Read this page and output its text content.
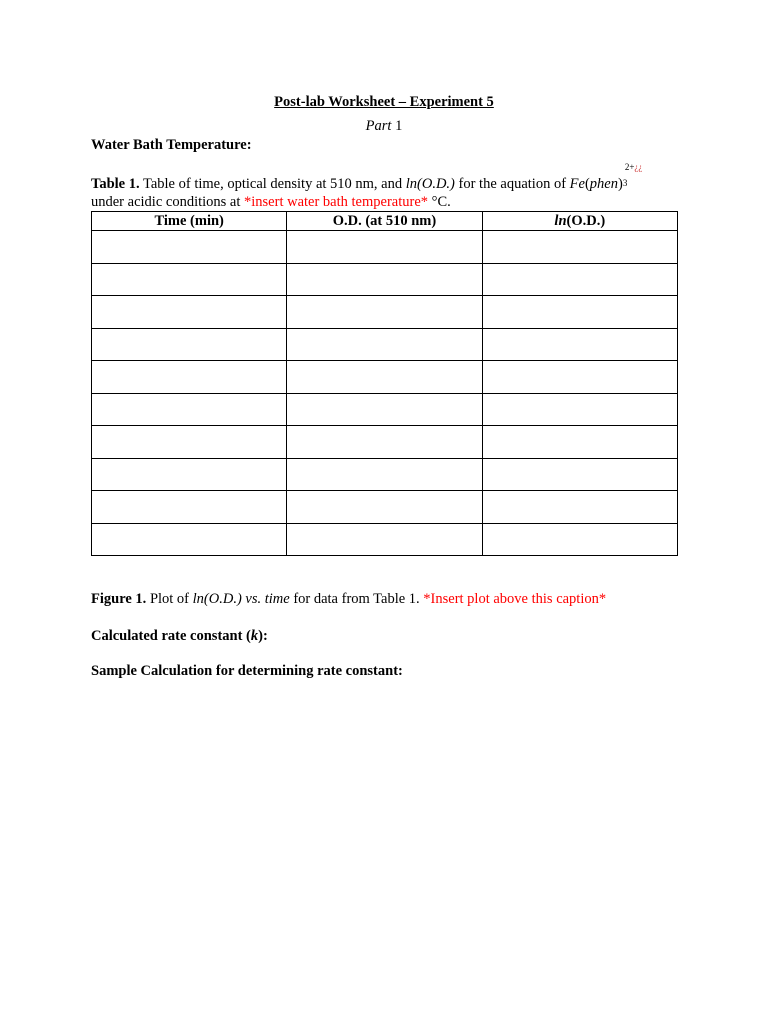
Post-lab Worksheet – Experiment 5
Part 1
Water Bath Temperature:
Table 1. Table of time, optical density at 510 nm, and ln(O.D.) for the aquation of Fe(phen)
2+¿¿
3
under acidic conditions at *insert water bath temperature* °C.
Time (min)	O.D. (at 510 nm)	ln(O.D.)

Figure 1. Plot of ln(O.D.) vs. time for data from Table 1. *Insert plot above this caption*
Calculated rate constant (k):
Sample Calculation for determining rate constant:
